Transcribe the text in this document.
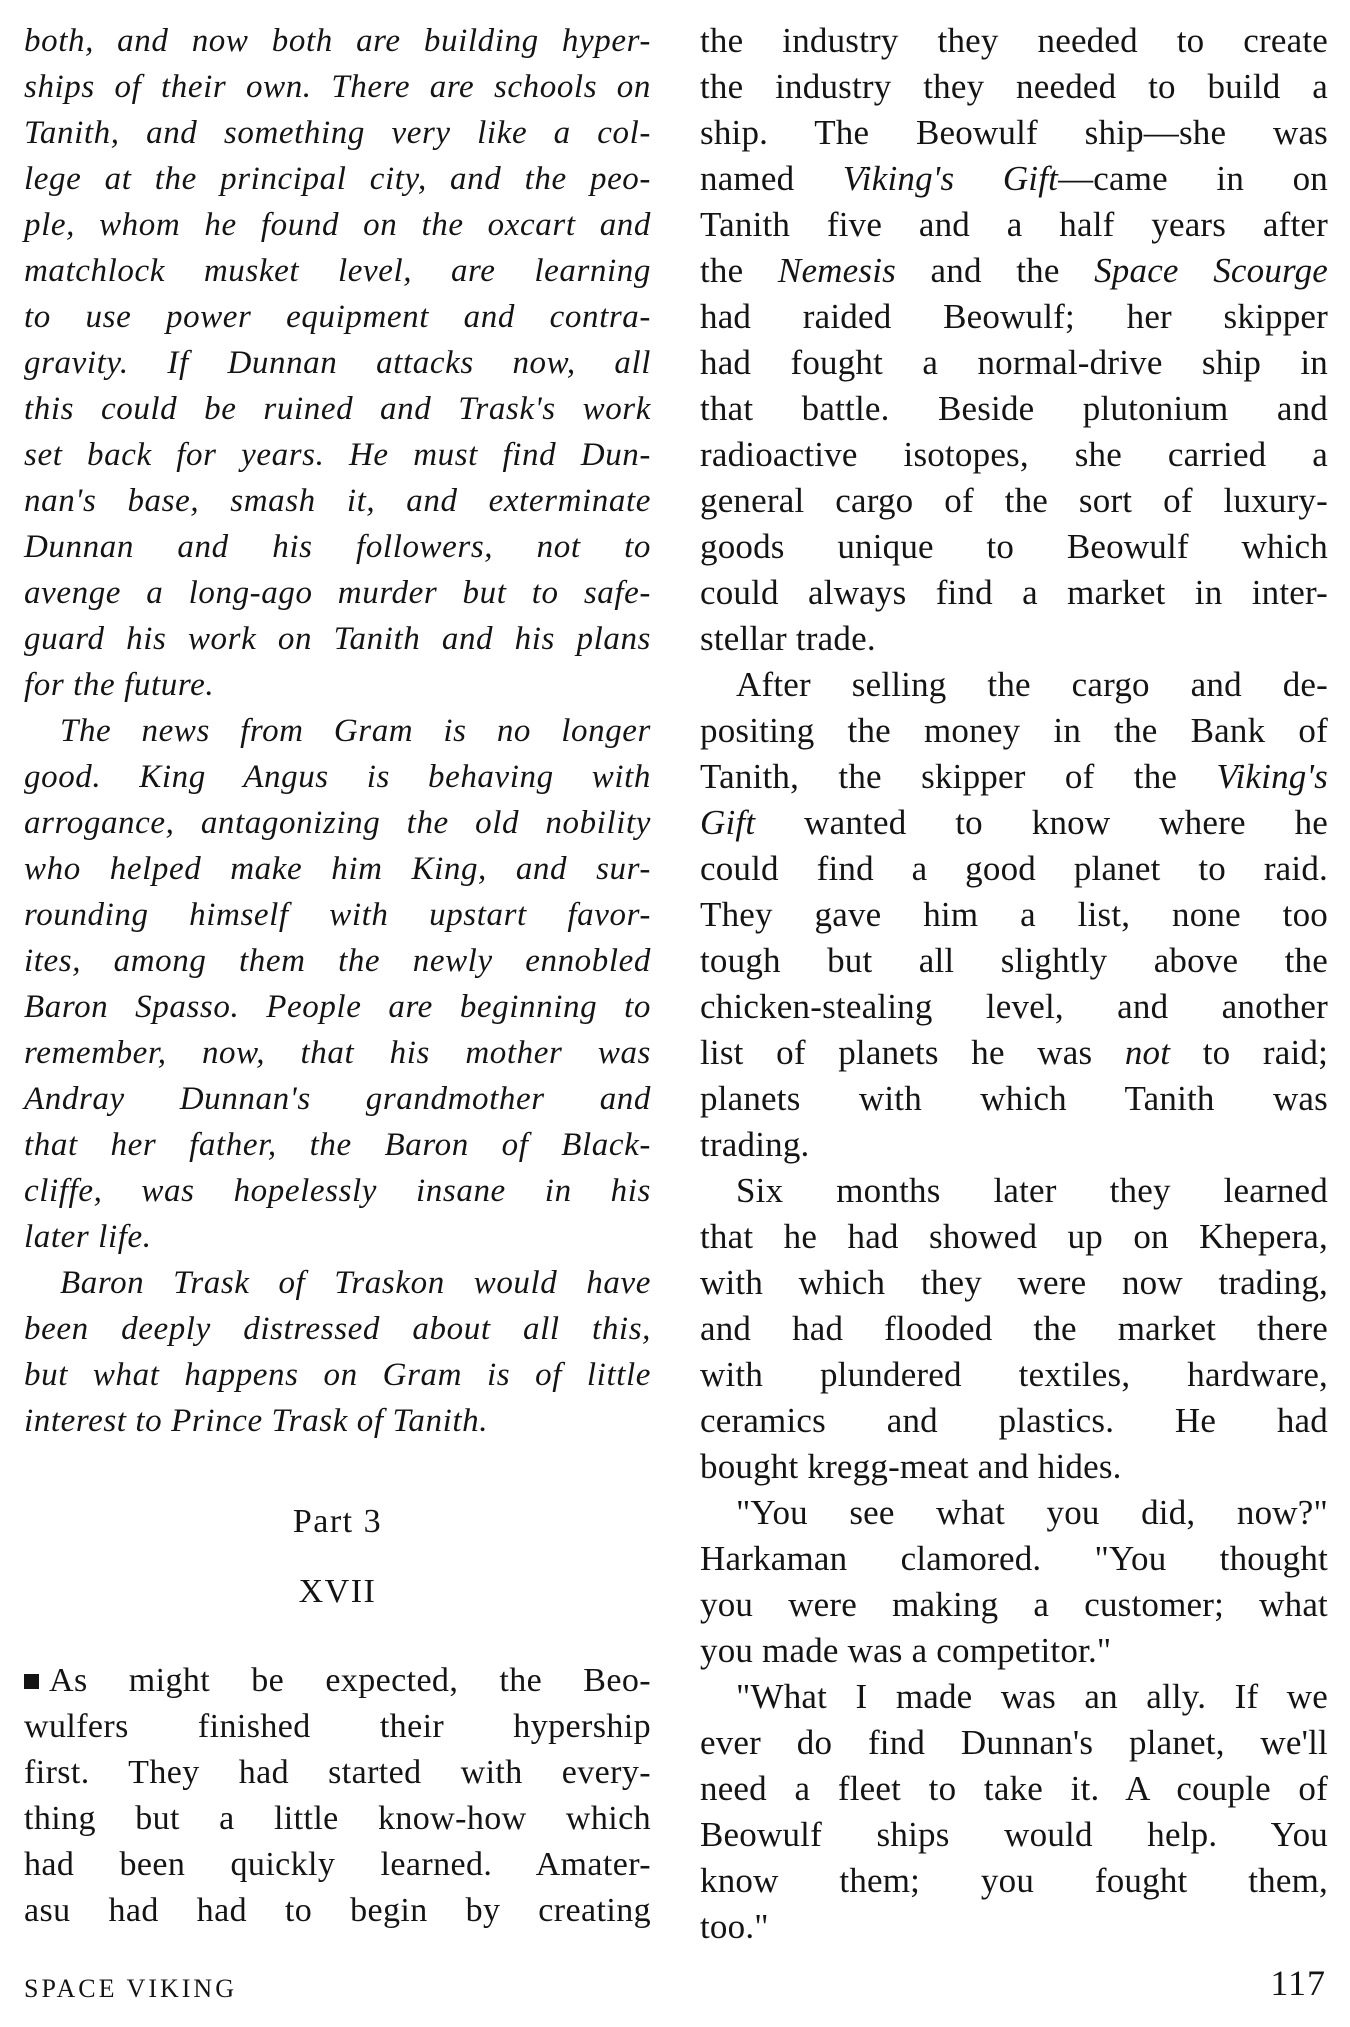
both, and now both are building hyper-
ships of their own. There are schools on
Tanith, and something very like a col-
lege at the principal city, and the peo-
ple, whom he found on the oxcart and
matchlock musket level, are learning
to use power equipment and contra-
gravity. If Dunnan attacks now, all
this could be ruined and Trask's work
set back for years. He must find Dun-
nan's base, smash it, and exterminate
Dunnan and his followers, not to
avenge a long-ago murder but to safe-
guard his work on Tanith and his plans
for the future.
The news from Gram is no longer
good. King Angus is behaving with
arrogance, antagonizing the old nobility
who helped make him King, and sur-
rounding himself with upstart favor-
ites, among them the newly ennobled
Baron Spasso. People are beginning to
remember, now, that his mother was
Andray Dunnan's grandmother and
that her father, the Baron of Black-
cliffe, was hopelessly insane in his
later life.
Baron Trask of Traskon would have
been deeply distressed about all this,
but what happens on Gram is of little
interest to Prince Trask of Tanith.
Part 3
XVII
As might be expected, the Beo-
wulfers finished their hypership
first. They had started with every-
thing but a little know-how which
had been quickly learned. Amater-
asu had had to begin by creating
the industry they needed to create
the industry they needed to build a
ship. The Beowulf ship—she was
named Viking's Gift—came in on
Tanith five and a half years after
the Nemesis and the Space Scourge
had raided Beowulf; her skipper
had fought a normal-drive ship in
that battle. Beside plutonium and
radioactive isotopes, she carried a
general cargo of the sort of luxury-
goods unique to Beowulf which
could always find a market in inter-
stellar trade.
After selling the cargo and de-
positing the money in the Bank of
Tanith, the skipper of the Viking's
Gift wanted to know where he
could find a good planet to raid.
They gave him a list, none too
tough but all slightly above the
chicken-stealing level, and another
list of planets he was not to raid;
planets with which Tanith was
trading.
Six months later they learned
that he had showed up on Khepera,
with which they were now trading,
and had flooded the market there
with plundered textiles, hardware,
ceramics and plastics. He had
bought kregg-meat and hides.
"You see what you did, now?"
Harkaman clamored. "You thought
you were making a customer; what
you made was a competitor."
"What I made was an ally. If we
ever do find Dunnan's planet, we'll
need a fleet to take it. A couple of
Beowulf ships would help. You
know them; you fought them,
too."
SPACE VIKING	117
